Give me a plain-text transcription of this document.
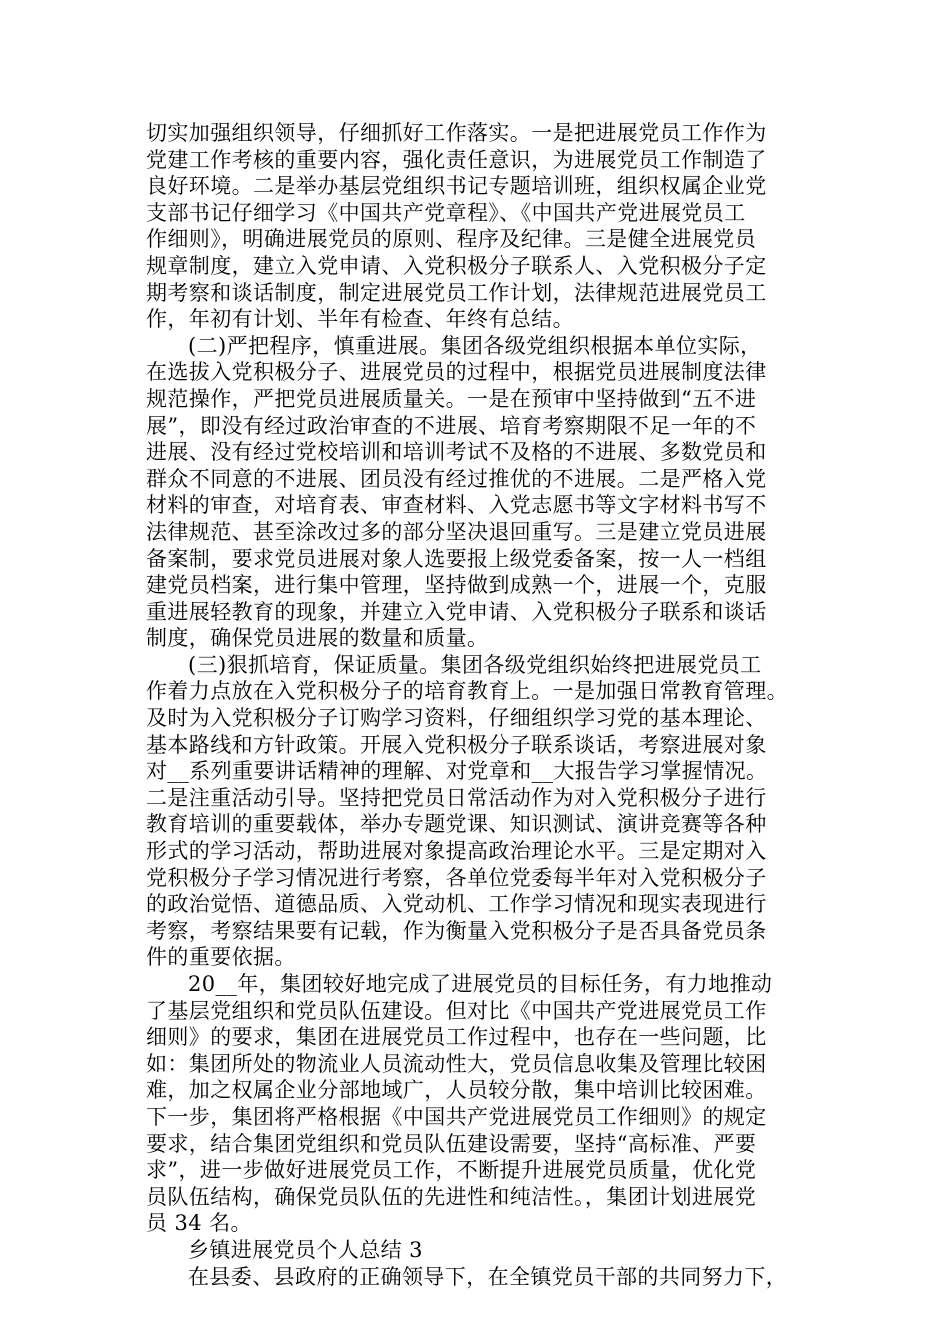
切实加强组织领导，仔细抓好工作落实。一是把进展党员工作作为
党建工作考核的重要内容，强化责任意识，为进展党员工作制造了
良好环境。二是举办基层党组织书记专题培训班，组织权属企业党
支部书记仔细学习《中国共产党章程》、《中国共产党进展党员工
作细则》，明确进展党员的原则、程序及纪律。三是健全进展党员
规章制度，建立入党申请、入党积极分子联系人、入党积极分子定
期考察和谈话制度，制定进展党员工作计划，法律规范进展党员工
作，年初有计划、半年有检查、年终有总结。
(二)严把程序，慎重进展。集团各级党组织根据本单位实际，
在选拔入党积极分子、进展党员的过程中，根据党员进展制度法律
规范操作，严把党员进展质量关。一是在预审中坚持做到“五不进
展”，即没有经过政治审查的不进展、培育考察期限不足一年的不
进展、没有经过党校培训和培训考试不及格的不进展、多数党员和
群众不同意的不进展、团员没有经过推优的不进展。二是严格入党
材料的审查，对培育表、审查材料、入党志愿书等文字材料书写不
法律规范、甚至涂改过多的部分坚决退回重写。三是建立党员进展
备案制，要求党员进展对象人选要报上级党委备案，按一人一档组
建党员档案，进行集中管理，坚持做到成熟一个，进展一个，克服
重进展轻教育的现象，并建立入党申请、入党积极分子联系和谈话
制度，确保党员进展的数量和质量。
(三)狠抓培育，保证质量。集团各级党组织始终把进展党员工
作着力点放在入党积极分子的培育教育上。一是加强日常教育管理。
及时为入党积极分子订购学习资料，仔细组织学习党的基本理论、
基本路线和方针政策。开展入党积极分子联系谈话，考察进展对象
对__系列重要讲话精神的理解、对党章和__大报告学习掌握情况。
二是注重活动引导。坚持把党员日常活动作为对入党积极分子进行
教育培训的重要载体，举办专题党课、知识测试、演讲竞赛等各种
形式的学习活动，帮助进展对象提高政治理论水平。三是定期对入
党积极分子学习情况进行考察，各单位党委每半年对入党积极分子
的政治觉悟、道德品质、入党动机、工作学习情况和现实表现进行
考察，考察结果要有记载，作为衡量入党积极分子是否具备党员条
件的重要依据。
20__年，集团较好地完成了进展党员的目标任务，有力地推动
了基层党组织和党员队伍建设。但对比《中国共产党进展党员工作
细则》的要求，集团在进展党员工作过程中，也存在一些问题，比
如：集团所处的物流业人员流动性大，党员信息收集及管理比较困
难，加之权属企业分部地域广，人员较分散，集中培训比较困难。
下一步，集团将严格根据《中国共产党进展党员工作细则》的规定
要求，结合集团党组织和党员队伍建设需要，坚持“高标准、严要
求”，进一步做好进展党员工作，不断提升进展党员质量，优化党
员队伍结构，确保党员队伍的先进性和纯洁性。，集团计划进展党
员 34 名。
乡镇进展党员个人总结 3
在县委、县政府的正确领导下，在全镇党员干部的共同努力下，
